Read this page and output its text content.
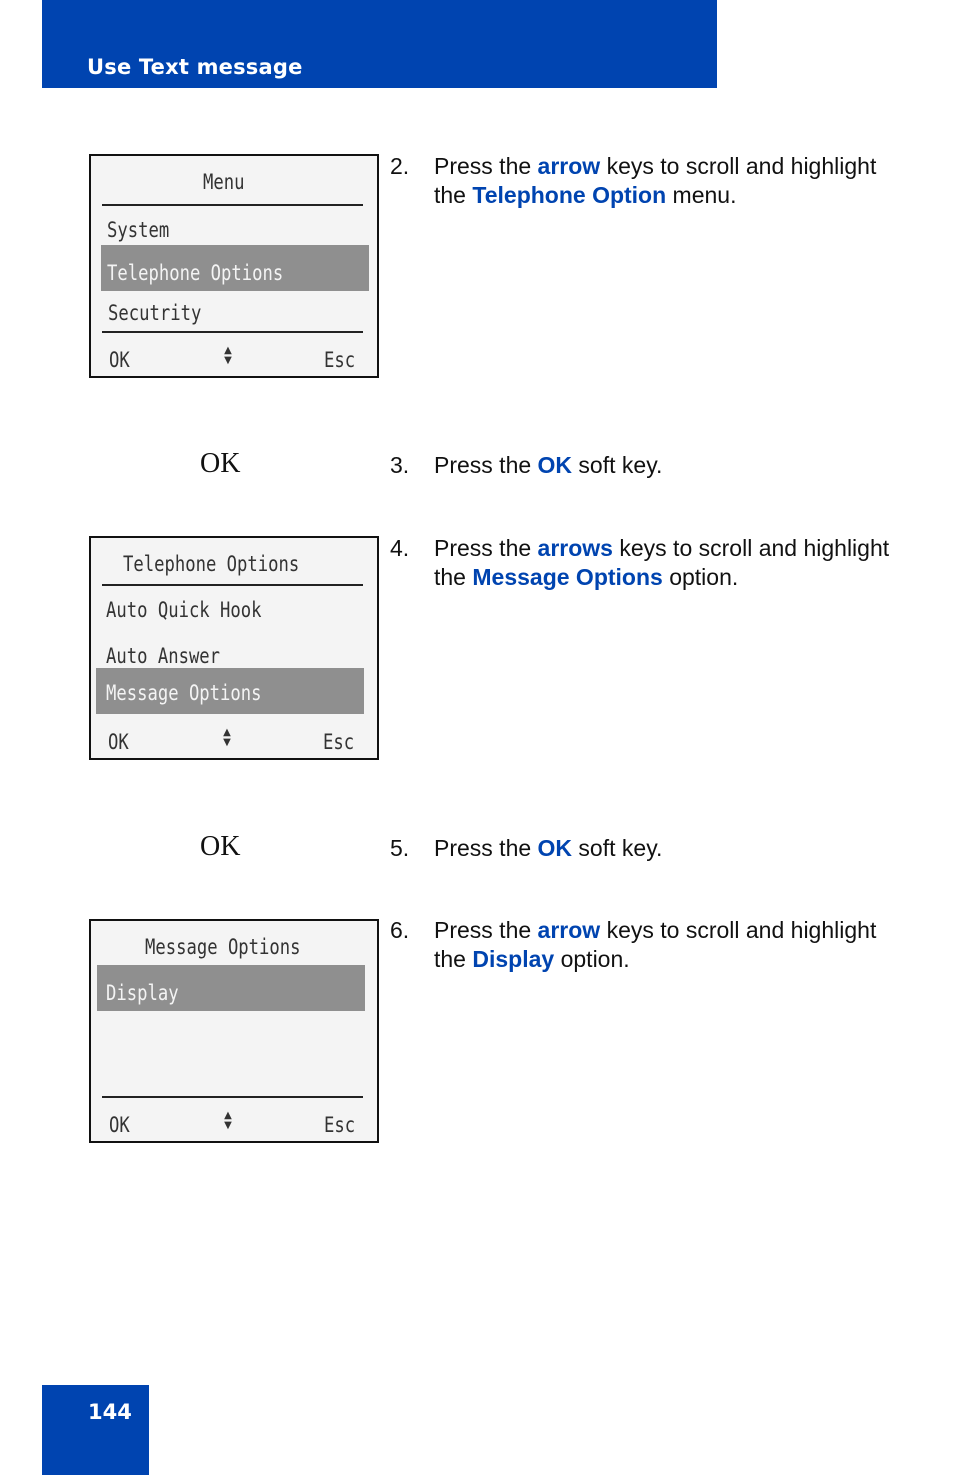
Use Text message
Menu
System
Telephone Options
Secutrity
OK	▲
▼	Esc
2. Press the arrow keys to scroll and highlight the Telephone Option menu.
OK	3. Press the OK soft key.
Telephone Options
Auto Quick Hook
Auto Answer
Message Options
OK	▲
▼	Esc
4. Press the arrows keys to scroll and highlight the Message Options option.
OK	5. Press the OK soft key.
Message Options
Display
OK	▲
▼	Esc
6. Press the arrow keys to scroll and highlight the Display option.
144
